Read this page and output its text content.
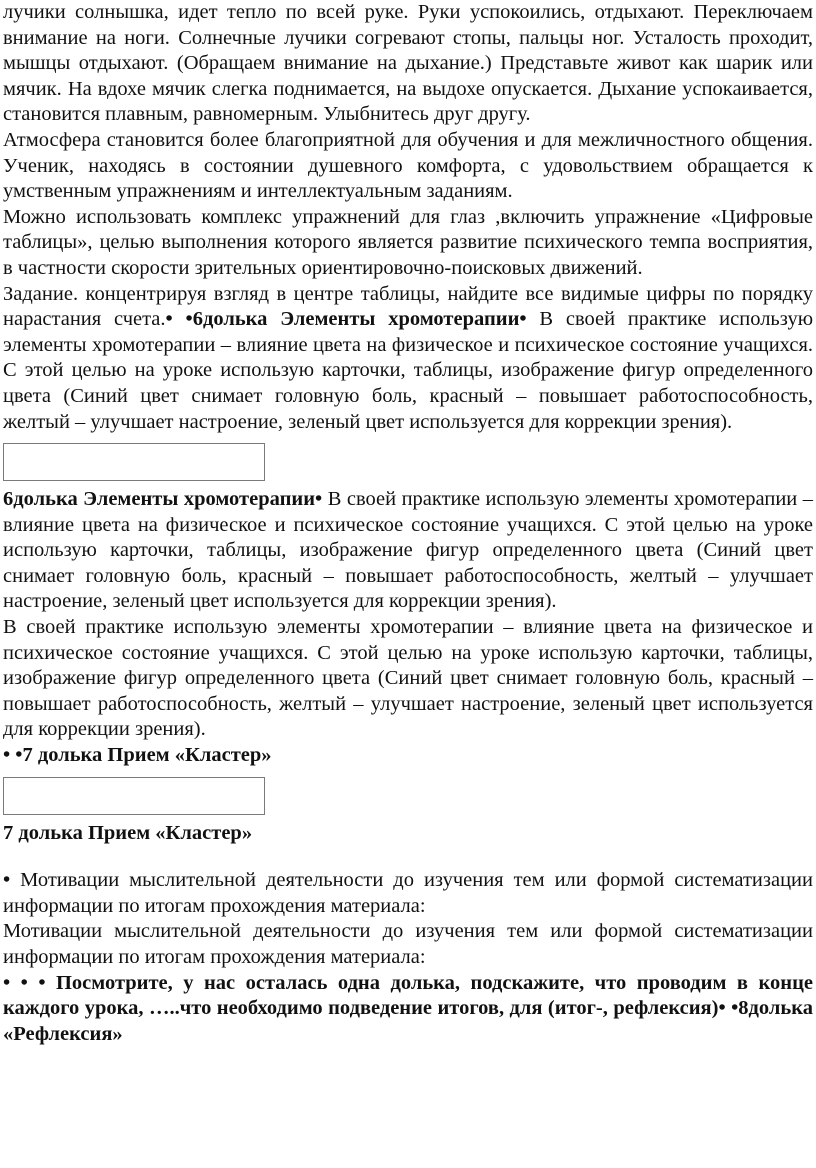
лучики солнышка, идет тепло по всей руке. Руки успокоились, отдыхают. Переключаем внимание на ноги. Солнечные лучики согревают стопы, пальцы ног. Усталость проходит, мышцы отдыхают. (Обращаем внимание на дыхание.) Представьте живот как шарик или мячик. На вдохе мячик слегка поднимается, на выдохе опускается. Дыхание успокаивается, становится плавным, равномерным. Улыбнитесь друг другу.

Атмосфера становится более благоприятной для обучения и для межличностного общения. Ученик, находясь в состоянии душевного комфорта, с удовольствием обращается к умственным упражнениям и интеллектуальным заданиям.

Можно использовать комплекс упражнений для глаз ,включить упражнение «Цифровые таблицы», целью выполнения которого является развитие психического темпа восприятия, в частности скорости зрительных ориентировочно-поисковых движений.

Задание. концентрируя взгляд в центре таблицы, найдите все видимые цифры по порядку нарастания счета.• •6долька Элементы хромотерапии• В своей практике использую элементы хромотерапии – влияние цвета на физическое и психическое состояние учащихся. С этой целью на уроке использую карточки, таблицы, изображение фигур определенного цвета (Синий цвет снимает головную боль, красный – повышает работоспособность, желтый – улучшает настроение, зеленый цвет используется для коррекции зрения).

6долька Элементы хромотерапии• В своей практике использую элементы хромотерапии – влияние цвета на физическое и психическое состояние учащихся. С этой целью на уроке использую карточки, таблицы, изображение фигур определенного цвета (Синий цвет снимает головную боль, красный – повышает работоспособность, желтый – улучшает настроение, зеленый цвет используется для коррекции зрения).

В своей практике использую элементы хромотерапии – влияние цвета на физическое и психическое состояние учащихся. С этой целью на уроке использую карточки, таблицы, изображение фигур определенного цвета (Синий цвет снимает головную боль, красный – повышает работоспособность, желтый – улучшает настроение, зеленый цвет используется для коррекции зрения).

• •7 долька Прием «Кластер»

7 долька Прием «Кластер»

• Мотивации мыслительной деятельности до изучения тем или формой систематизации информации по итогам прохождения материала:

Мотивации мыслительной деятельности до изучения тем или формой систематизации информации по итогам прохождения материала:

• • • Посмотрите, у нас осталась одна долька, подскажите, что проводим в конце каждого урока, …..что необходимо подведение итогов, для (итог-, рефлексия)• •8долька «Рефлексия»
